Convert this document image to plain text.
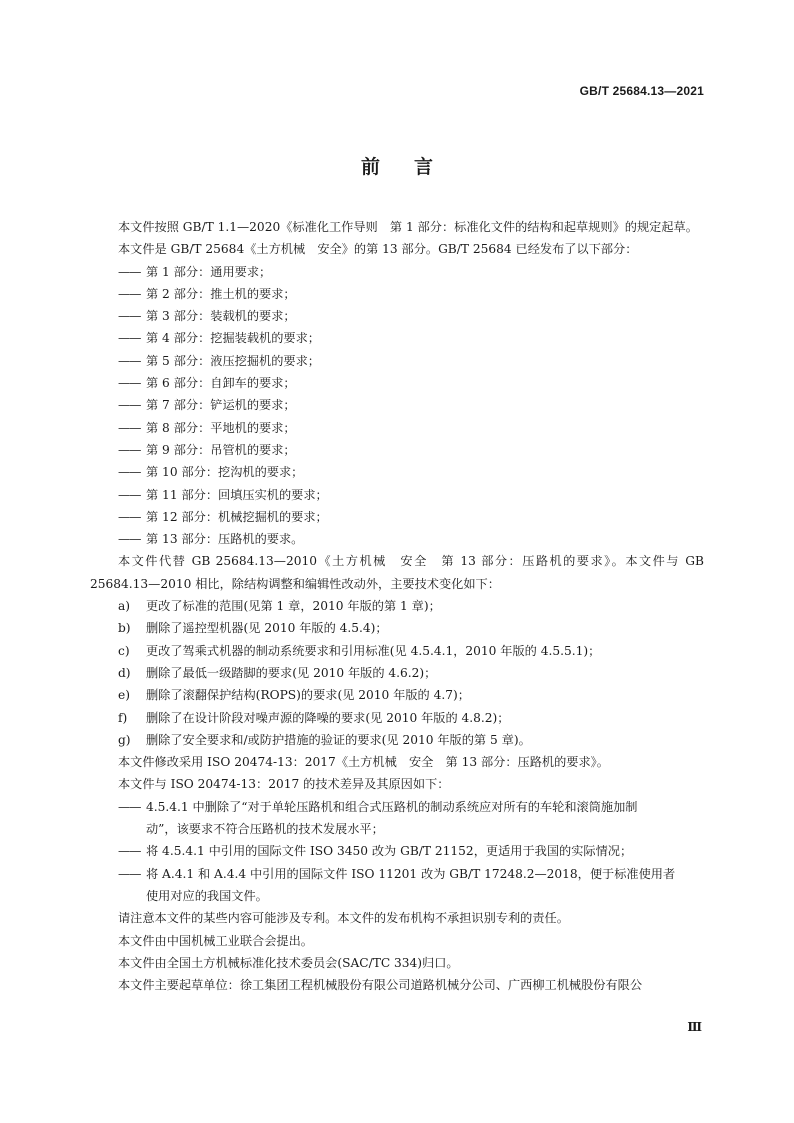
GB/T 25684.13—2021
前 言

本文件按照 GB/T 1.1—2020《标准化工作导则　第 1 部分：标准化文件的结构和起草规则》的规定起草。

本文件是 GB/T 25684《土方机械　安全》的第 13 部分。GB/T 25684 已经发布了以下部分：

—— 第 1 部分：通用要求；

—— 第 2 部分：推土机的要求；

—— 第 3 部分：装载机的要求；

—— 第 4 部分：挖掘装载机的要求；

—— 第 5 部分：液压挖掘机的要求；

—— 第 6 部分：自卸车的要求；

—— 第 7 部分：铲运机的要求；

—— 第 8 部分：平地机的要求；

—— 第 9 部分：吊管机的要求；

—— 第 10 部分：挖沟机的要求；

—— 第 11 部分：回填压实机的要求；

—— 第 12 部分：机械挖掘机的要求；

—— 第 13 部分：压路机的要求。

本文件代替 GB 25684.13—2010《土方机械　安全　第 13 部分：压路机的要求》。本文件与 GB 25684.13—2010 相比，除结构调整和编辑性改动外，主要技术变化如下：

a) 更改了标准的范围(见第 1 章，2010 年版的第 1 章)；

b) 删除了遥控型机器(见 2010 年版的 4.5.4)；

c) 更改了驾乘式机器的制动系统要求和引用标准(见 4.5.4.1，2010 年版的 4.5.5.1)；

d) 删除了最低一级踏脚的要求(见 2010 年版的 4.6.2)；

e) 删除了滚翻保护结构(ROPS)的要求(见 2010 年版的 4.7)；

f) 删除了在设计阶段对噪声源的降噪的要求(见 2010 年版的 4.8.2)；

g) 删除了安全要求和/或防护措施的验证的要求(见 2010 年版的第 5 章)。

本文件修改采用 ISO 20474-13：2017《土方机械　安全　第 13 部分：压路机的要求》。

本文件与 ISO 20474-13：2017 的技术差异及其原因如下：

—— 4.5.4.1 中删除了“对于单轮压路机和组合式压路机的制动系统应对所有的车轮和滚筒施加制

动”，该要求不符合压路机的技术发展水平；

—— 将 4.5.4.1 中引用的国际文件 ISO 3450 改为 GB/T 21152，更适用于我国的实际情况；

—— 将 A.4.1 和 A.4.4 中引用的国际文件 ISO 11201 改为 GB/T 17248.2—2018，便于标准使用者

使用对应的我国文件。

请注意本文件的某些内容可能涉及专利。本文件的发布机构不承担识别专利的责任。

本文件由中国机械工业联合会提出。

本文件由全国土方机械标准化技术委员会(SAC/TC 334)归口。

本文件主要起草单位：徐工集团工程机械股份有限公司道路机械分公司、广西柳工机械股份有限公

Ⅲ
